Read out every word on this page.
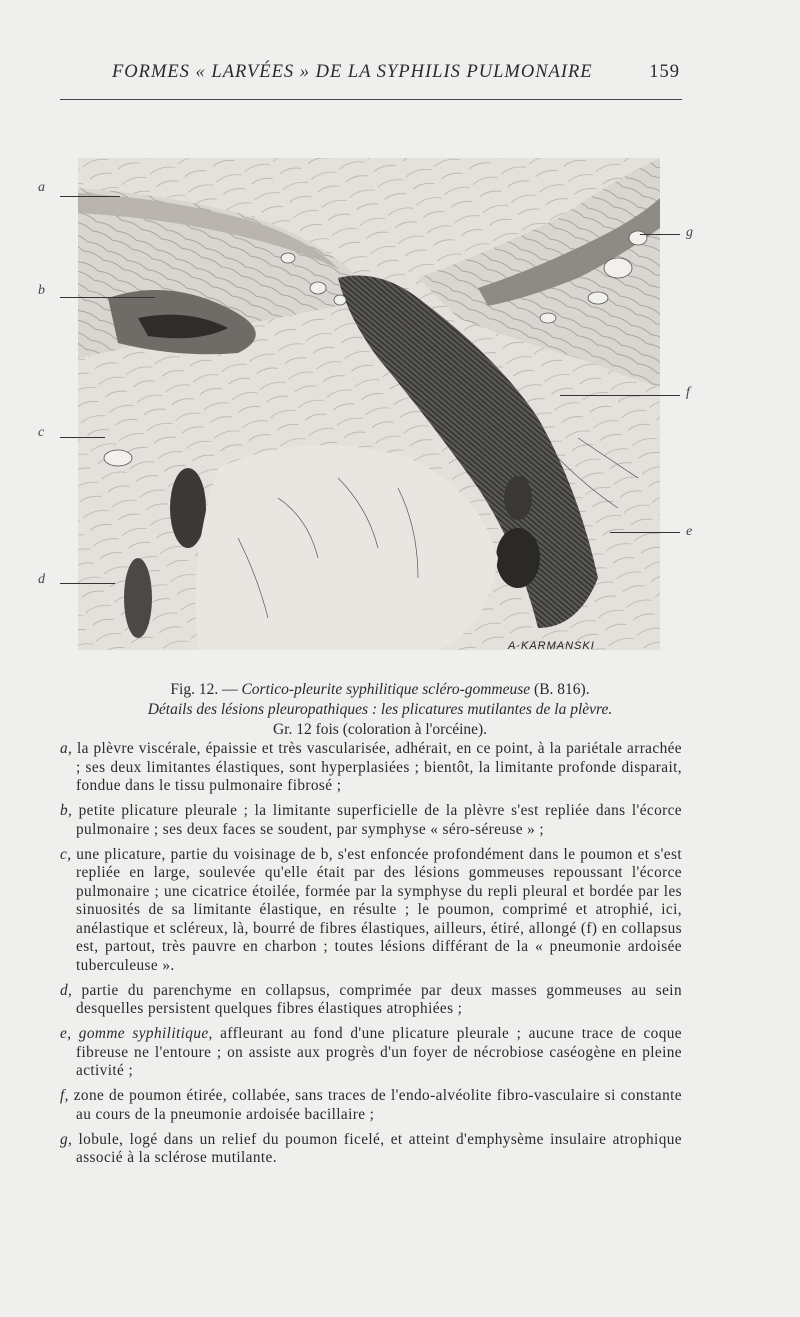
FORMES « LARVÉES » DE LA SYPHILIS PULMONAIRE	159
A·KARMANSKI
a
b
c
d
g
f
e
Fig. 12. — Cortico-pleurite syphilitique scléro-gommeuse (B. 816).
Détails des lésions pleuropathiques : les plicatures mutilantes de la plèvre.
Gr. 12 fois (coloration à l'orcéine).

a, la plèvre viscérale, épaissie et très vascularisée, adhérait, en ce point, à la pariétale arrachée ; ses deux limitantes élastiques, sont hyperplasiées ; bientôt, la limitante profonde disparait, fondue dans le tissu pulmonaire fibrosé ;

b, petite plicature pleurale ; la limitante superficielle de la plèvre s'est repliée dans l'écorce pulmonaire ; ses deux faces se soudent, par symphyse « séro-séreuse » ;

c, une plicature, partie du voisinage de b, s'est enfoncée profondément dans le poumon et s'est repliée en large, soulevée qu'elle était par des lésions gommeuses repoussant l'écorce pulmonaire ; une cicatrice étoilée, formée par la symphyse du repli pleural et bordée par les sinuosités de sa limitante élastique, en résulte ; le poumon, comprimé et atrophié, ici, anélastique et scléreux, là, bourré de fibres élastiques, ailleurs, étiré, allongé (f) en collapsus est, partout, très pauvre en charbon ; toutes lésions différant de la « pneumonie ardoisée tuberculeuse ».

d, partie du parenchyme en collapsus, comprimée par deux masses gommeuses au sein desquelles persistent quelques fibres élastiques atrophiées ;

e, gomme syphilitique, affleurant au fond d'une plicature pleurale ; aucune trace de coque fibreuse ne l'entoure ; on assiste aux progrès d'un foyer de nécrobiose caséogène en pleine activité ;

f, zone de poumon étirée, collabée, sans traces de l'endo-alvéolite fibro-vasculaire si constante au cours de la pneumonie ardoisée bacillaire ;

g, lobule, logé dans un relief du poumon ficelé, et atteint d'emphysème insulaire atrophique associé à la sclérose mutilante.
